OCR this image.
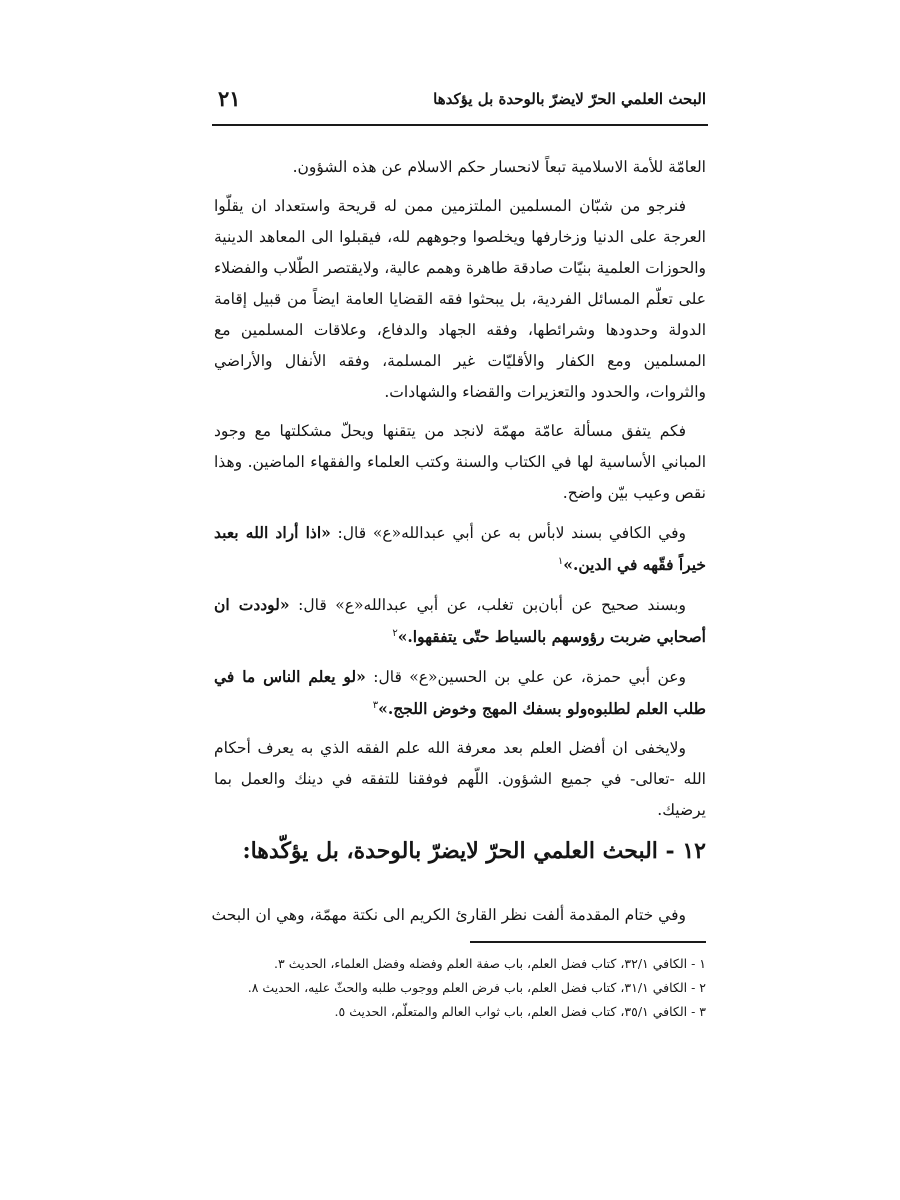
البحث العلمي الحرّ لايضرّ بالوحدة بل يؤكدها
٢١

العامّة للأمة الاسلامية تبعاً لانحسار حكم الاسلام عن هذه الشؤون.

فنرجو من شبّان المسلمين الملتزمين ممن له قريحة واستعداد ان يقلّوا العرجة على الدنيا وزخارفها ويخلصوا وجوههم لله، فيقبلوا الى المعاهد الدينية والحوزات العلمية بنيّات صادقة طاهرة وهمم عالية، ولايقتصر الطّلاب والفضلاء على تعلّم المسائل الفردية، بل يبحثوا فقه القضايا العامة ايضاً من قبيل إقامة الدولة وحدودها وشرائطها، وفقه الجهاد والدفاع، وعلاقات المسلمين مع المسلمين ومع الكفار والأقليّات غير المسلمة، وفقه الأنفال والأراضي والثروات، والحدود والتعزيرات والقضاء والشهادات.

فكم يتفق مسألة عامّة مهمّة لانجد من يتقنها ويحلّ مشكلتها مع وجود المباني الأساسية لها في الكتاب والسنة وكتب العلماء والفقهاء الماضين. وهذا نقص وعيب بيّن واضح.

وفي الكافي بسند لابأس به عن أبي عبدالله«ع» قال: «اذا أراد الله بعبد خيراً فقّهه في الدين.»$^١$

وبسند صحيح عن أبان‌بن تغلب، عن أبي عبدالله«ع» قال: «لوددت ان أصحابي ضربت رؤوسهم بالسياط حتّى يتفقهوا.»$^٢$

وعن أبي حمزة، عن علي بن الحسين«ع» قال: «لو يعلم الناس ما في طلب العلم لطلبوه‌ولو بسفك المهج وخوض اللجج.»$^٣$

ولايخفى ان أفضل العلم بعد معرفة الله علم الفقه الذي به يعرف أحكام الله -تعالى- في جميع الشؤون. اللّهم فوفقنا للتفقه في دينك والعمل بما يرضيك.

١٢ - البحث العلمي الحرّ لايضرّ بالوحدة، بل يؤكّدها:
وفي ختام المقدمة ألفت نظر القارئ الكريم الى نكتة مهمّة، وهي ان البحث

١ - الكافي ٣٢/١، كتاب فضل العلم، باب صفة العلم وفضله وفضل العلماء، الحديث ٣.

٢ - الكافي ٣١/١، كتاب فضل العلم، باب فرض العلم ووجوب طلبه والحثّ عليه، الحديث ٨.

٣ - الكافي ٣٥/١، كتاب فضل العلم، باب ثواب العالم والمتعلّم، الحديث ٥.
